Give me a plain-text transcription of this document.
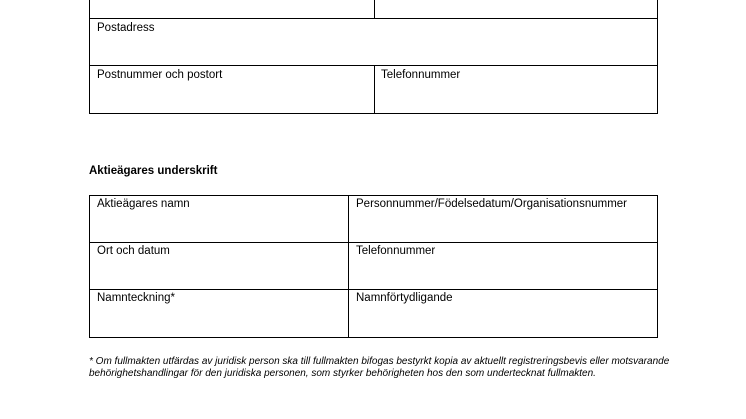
Postadress
Postnummer och postort	Telefonnummer
Aktieägares underskrift
Aktieägares namn	Personnummer/Födelsedatum/Organisationsnummer
Ort och datum	Telefonnummer
Namnteckning*	Namnförtydligande
* Om fullmakten utfärdas av juridisk person ska till fullmakten bifogas bestyrkt kopia av aktuellt registreringsbevis eller motsvarande behörighetshandlingar för den juridiska personen, som styrker behörigheten hos den som undertecknat fullmakten.
